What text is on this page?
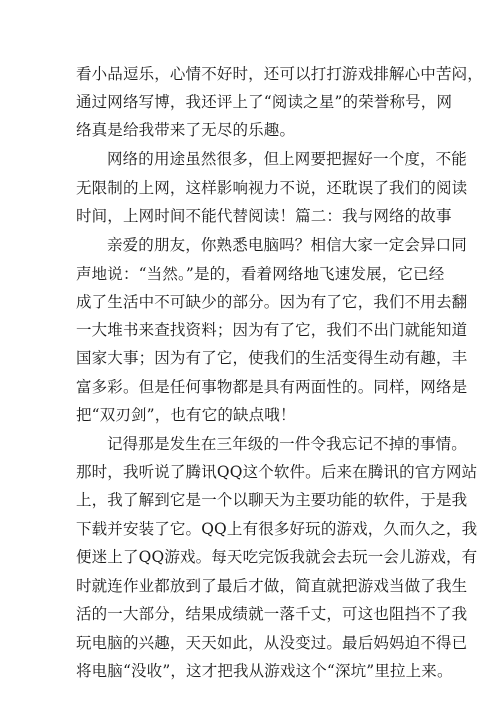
看小品逗乐，心情不好时，还可以打打游戏排解心中苦闷，
通过网络写博，我还评上了“阅读之星”的荣誉称号，网
络真是给我带来了无尽的乐趣。
网络的用途虽然很多，但上网要把握好一个度，不能
无限制的上网，这样影响视力不说，还耽误了我们的阅读
时间，上网时间不能代替阅读！篇二：我与网络的故事
亲爱的朋友，你熟悉电脑吗？相信大家一定会异口同
声地说：“当然。”是的，看着网络地飞速发展，它已经
成了生活中不可缺少的部分。因为有了它，我们不用去翻
一大堆书来查找资料；因为有了它，我们不出门就能知道
国家大事；因为有了它，使我们的生活变得生动有趣，丰
富多彩。但是任何事物都是具有两面性的。同样，网络是
把“双刃剑”，也有它的缺点哦！
记得那是发生在三年级的一件令我忘记不掉的事情。
那时，我听说了腾讯QQ这个软件。后来在腾讯的官方网站
上，我了解到它是一个以聊天为主要功能的软件，于是我
下载并安装了它。QQ上有很多好玩的游戏，久而久之，我
便迷上了QQ游戏。每天吃完饭我就会去玩一会儿游戏，有
时就连作业都放到了最后才做，简直就把游戏当做了我生
活的一大部分，结果成绩就一落千丈，可这也阻挡不了我
玩电脑的兴趣，天天如此，从没变过。最后妈妈迫不得已
将电脑“没收”，这才把我从游戏这个“深坑”里拉上来。
